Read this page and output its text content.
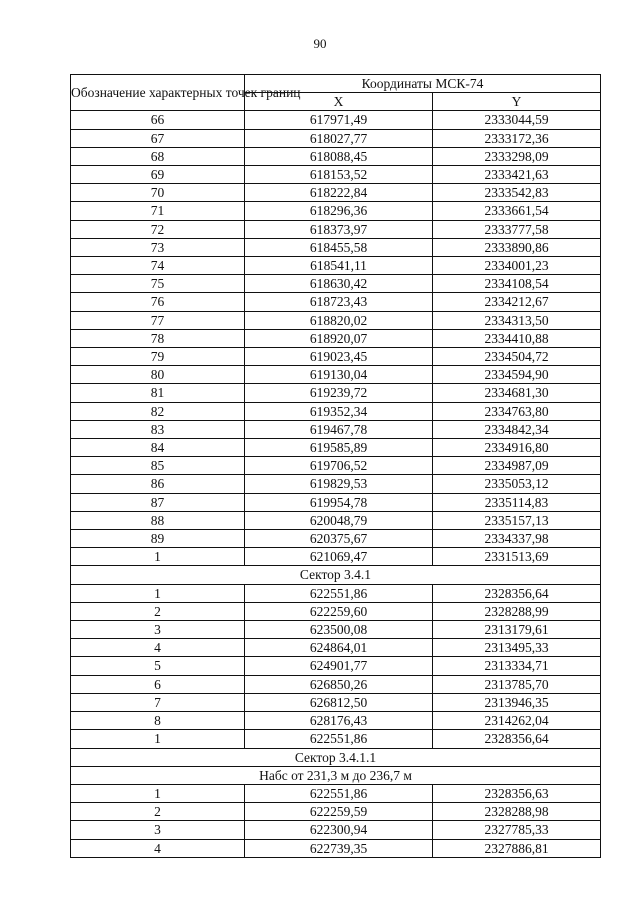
90
Обозначение характерных точек границ	Координаты МСК-74	
	X	Y
66	617971,49	2333044,59
67	618027,77	2333172,36
68	618088,45	2333298,09
69	618153,52	2333421,63
70	618222,84	2333542,83
71	618296,36	2333661,54
72	618373,97	2333777,58
73	618455,58	2333890,86
74	618541,11	2334001,23
75	618630,42	2334108,54
76	618723,43	2334212,67
77	618820,02	2334313,50
78	618920,07	2334410,88
79	619023,45	2334504,72
80	619130,04	2334594,90
81	619239,72	2334681,30
82	619352,34	2334763,80
83	619467,78	2334842,34
84	619585,89	2334916,80
85	619706,52	2334987,09
86	619829,53	2335053,12
87	619954,78	2335114,83
88	620048,79	2335157,13
89	620375,67	2334337,98
1	621069,47	2331513,69
Сектор 3.4.1		
1	622551,86	2328356,64
2	622259,60	2328288,99
3	623500,08	2313179,61
4	624864,01	2313495,33
5	624901,77	2313334,71
6	626850,26	2313785,70
7	626812,50	2313946,35
8	628176,43	2314262,04
1	622551,86	2328356,64
Сектор 3.4.1.1		
Набс от 231,3 м до 236,7 м		
1	622551,86	2328356,63
2	622259,59	2328288,98
3	622300,94	2327785,33
4	622739,35	2327886,81
